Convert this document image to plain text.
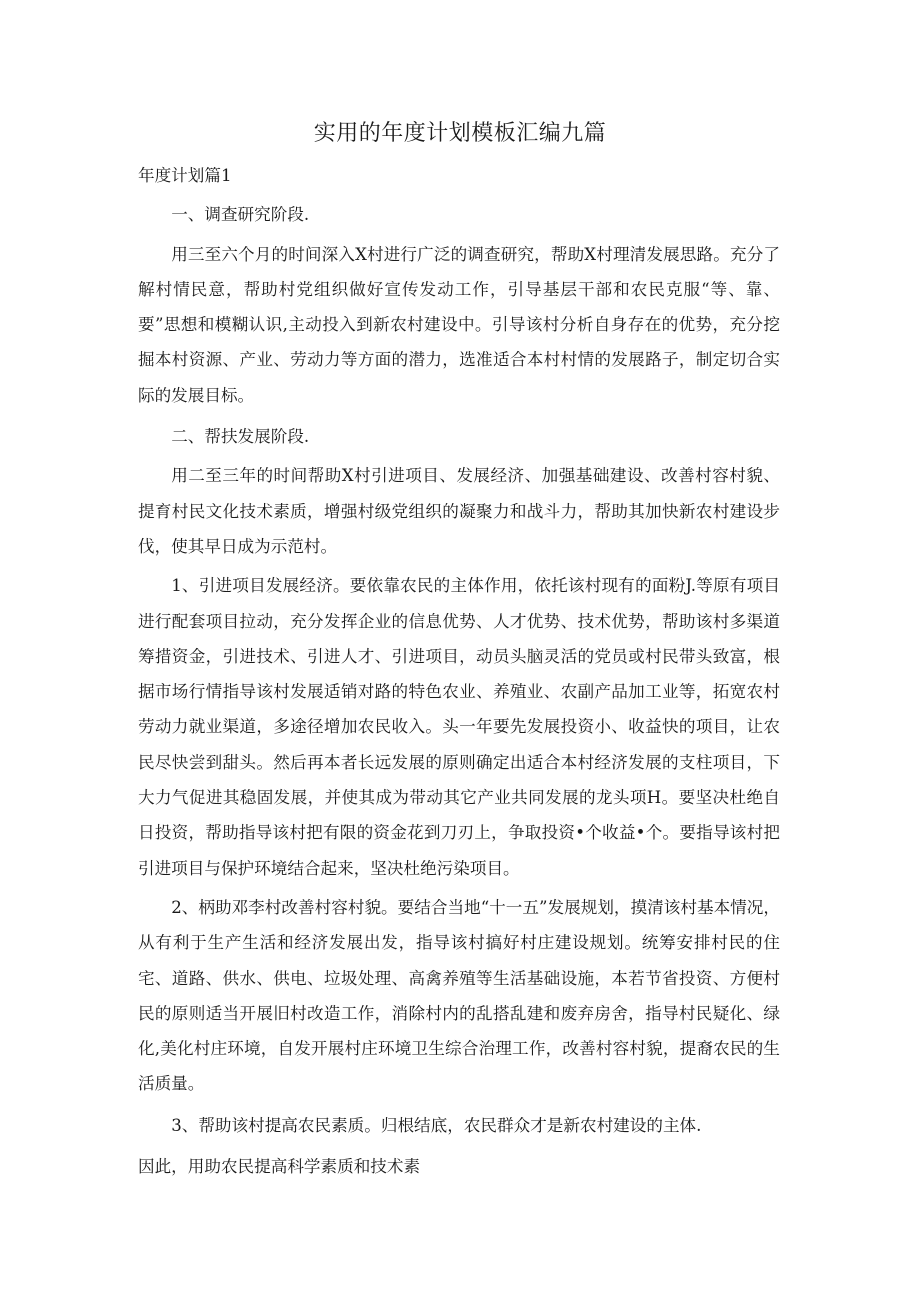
实用的年度计划模板汇编九篇

年度计划篇1

一、调查研究阶段.

用三至六个月的时间深入X村进行广泛的调查研究，帮助X村理清发展思路。充分了解村情民意，帮助村党组织做好宣传发动工作，引导基层干部和农民克服“等、靠、要”思想和模糊认识,主动投入到新农村建设中。引导该村分析自身存在的优势，充分挖掘本村资源、产业、劳动力等方面的潜力，选准适合本村村情的发展路子，制定切合实际的发展目标。

二、帮扶发展阶段.

用二至三年的时间帮助X村引进项目、发展经济、加强基础建设、改善村容村貌、提育村民文化技术素质，增强村级党组织的凝聚力和战斗力，帮助其加快新农村建设步伐，使其早日成为示范村。

1、引进项目发展经济。要依靠农民的主体作用，依托该村现有的面粉J.等原有项目进行配套项目拉动，充分发挥企业的信息优势、人才优势、技术优势，帮助该村多渠道筹措资金，引进技术、引进人才、引进项目，动员头脑灵活的党员或村民带头致富，根据市场行情指导该村发展适销对路的特色农业、养殖业、农副产品加工业等，拓宽农村劳动力就业渠道，多途径增加农民收入。头一年要先发展投资小、收益快的项目，让农民尽快尝到甜头。然后再本者长远发展的原则确定出适合本村经济发展的支柱项目，下大力气促进其稳固发展，并使其成为带动其它产业共同发展的龙头项H。要坚决杜绝自日投资，帮助指导该村把有限的资金花到刀刃上，争取投资•个收益•个。要指导该村把引进项目与保护环境结合起来，坚决杜绝污染项目。

2、柄助邓李村改善村容村貌。要结合当地“十一五”发展规划，摸清该村基本情况，从有利于生产生活和经济发展出发，指导该村搞好村庄建设规划。统筹安排村民的住宅、道路、供水、供电、垃圾处理、高禽养殖等生活基础设施，本若节省投资、方便村民的原则适当开展旧村改造工作，消除村内的乱搭乱建和废弃房舍，指导村民疑化、绿化,美化村庄环境，自发开展村庄环境卫生综合治理工作，改善村容村貌，提裔农民的生活质量。

3、帮助该村提高农民素质。归根结底，农民群众才是新农村建设的主体.

因此，用助农民提高科学素质和技术素
